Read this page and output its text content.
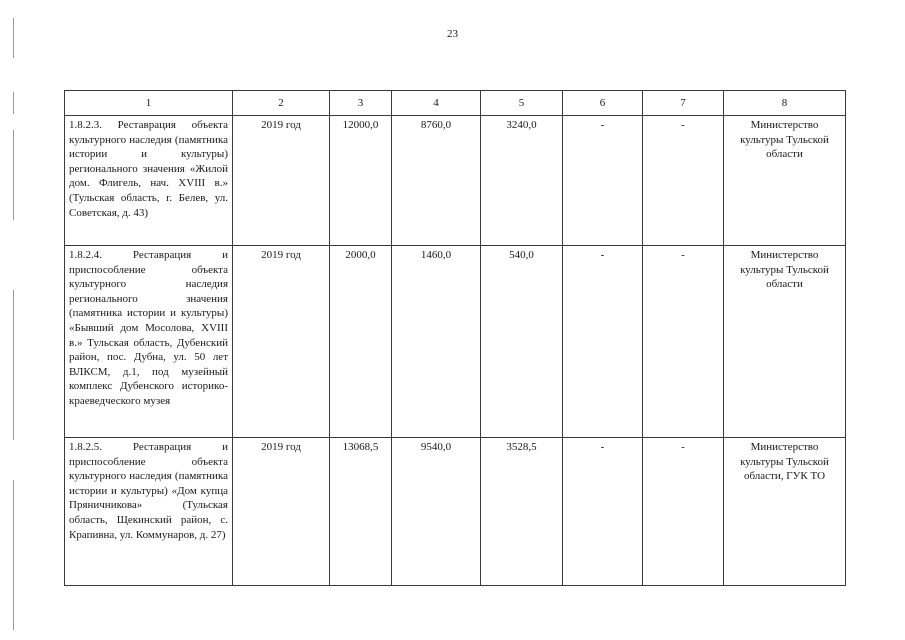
23
1	2	3	4	5	6	7	8
1.8.2.3. Реставрация объекта культурного наследия (памятника истории и культуры) регионального значения «Жилой дом. Флигель, нач. XVIII в.» (Тульская область, г. Белев, ул. Советская, д. 43)	2019 год	12000,0	8760,0	3240,0	-	-	Министерство культуры Тульской области
1.8.2.4. Реставрация и приспособление объекта культурного наследия регионального значения (памятника истории и культуры) «Бывший дом Мосолова, XVIII в.» Тульская область, Дубенский район, пос. Дубна, ул. 50 лет ВЛКСМ, д.1, под музейный комплекс Дубенского историко-краеведческого музея	2019 год	2000,0	1460,0	540,0	-	-	Министерство культуры Тульской области
1.8.2.5. Реставрация и приспособление объекта культурного наследия (памятника истории и культуры) «Дом купца Пряничникова» (Тульская область, Щекинский район, с. Крапивна, ул. Коммунаров, д. 27)	2019 год	13068,5	9540,0	3528,5	-	-	Министерство культуры Тульской области, ГУК ТО
